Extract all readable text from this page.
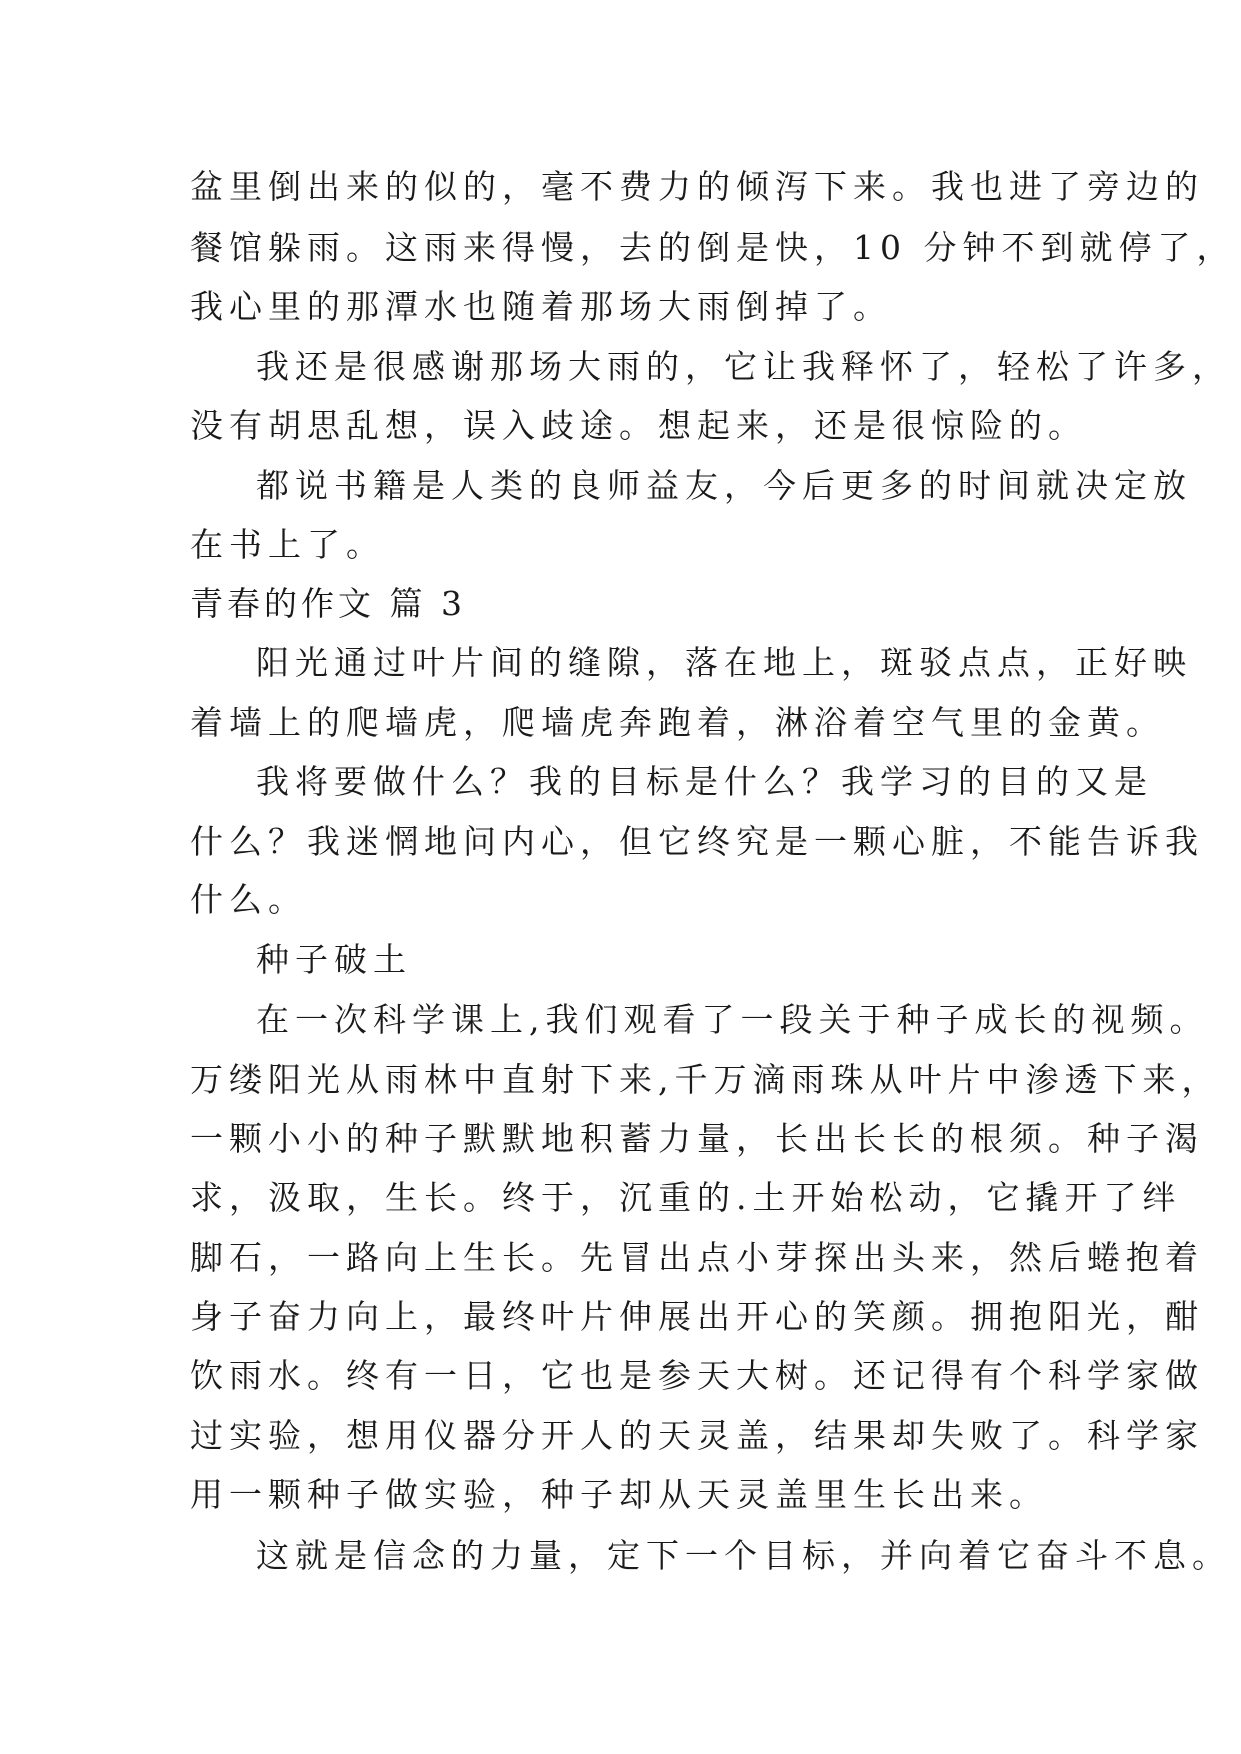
盆里倒出来的似的，毫不费力的倾泻下来。我也进了旁边的
餐馆躲雨。这雨来得慢，去的倒是快，10 分钟不到就停了，
我心里的那潭水也随着那场大雨倒掉了。
我还是很感谢那场大雨的，它让我释怀了，轻松了许多，
没有胡思乱想，误入歧途。想起来，还是很惊险的。
都说书籍是人类的良师益友，今后更多的时间就决定放
在书上了。
青春的作文 篇 3
阳光通过叶片间的缝隙，落在地上，斑驳点点，正好映
着墙上的爬墙虎，爬墙虎奔跑着，淋浴着空气里的金黄。
我将要做什么？我的目标是什么？我学习的目的又是
什么？我迷惘地问内心，但它终究是一颗心脏，不能告诉我
什么。
种子破土
在一次科学课上,我们观看了一段关于种子成长的视频。
万缕阳光从雨林中直射下来,千万滴雨珠从叶片中渗透下来，
一颗小小的种子默默地积蓄力量，长出长长的根须。种子渴
求，汲取，生长。终于，沉重的.土开始松动，它撬开了绊
脚石，一路向上生长。先冒出点小芽探出头来，然后蜷抱着
身子奋力向上，最终叶片伸展出开心的笑颜。拥抱阳光，酣
饮雨水。终有一日，它也是参天大树。还记得有个科学家做
过实验，想用仪器分开人的天灵盖，结果却失败了。科学家
用一颗种子做实验，种子却从天灵盖里生长出来。
这就是信念的力量，定下一个目标，并向着它奋斗不息。
